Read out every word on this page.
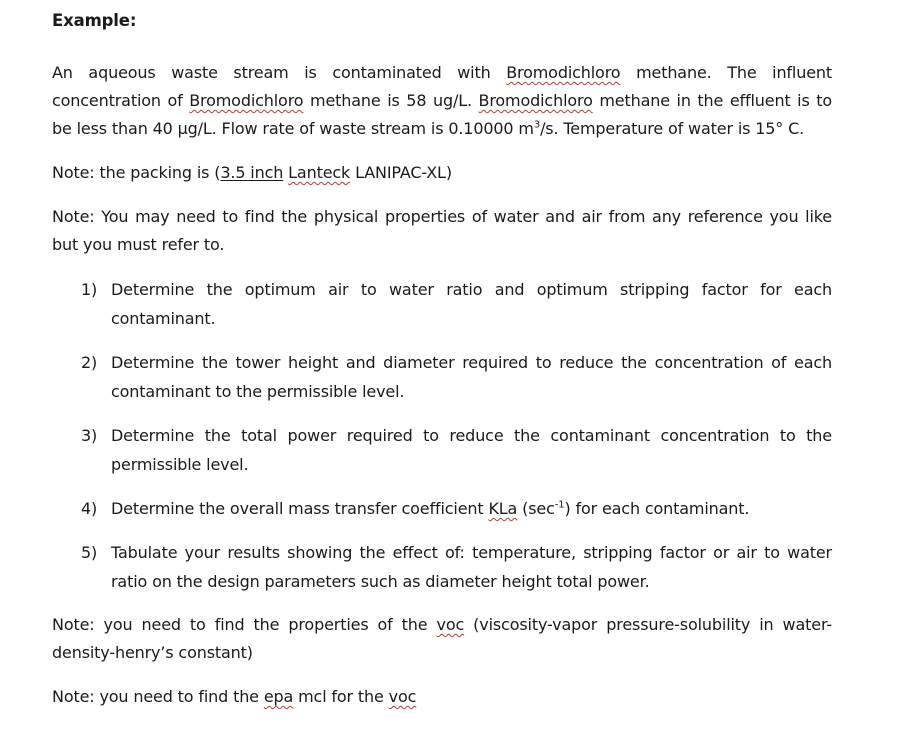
Example:

An aqueous waste stream is contaminated with Bromodichloro methane. The influent concentration of Bromodichloro methane is 58 ug/L. Bromodichloro methane in the effluent is to be less than 40 µg/L. Flow rate of waste stream is 0.10000 $m^3/s$. Temperature of water is 15° C.

Note: the packing is (3.5 inch Lanteck LANIPAC-XL)

Note: You may need to find the physical properties of water and air from any reference you like but you must refer to.

1) Determine the optimum air to water ratio and optimum stripping factor for each contaminant.
2) Determine the tower height and diameter required to reduce the concentration of each contaminant to the permissible level.
3) Determine the total power required to reduce the contaminant concentration to the permissible level.
4) Determine the overall mass transfer coefficient KLa $(\sec^{-1})$ for each contaminant.
5) Tabulate your results showing the effect of: temperature, stripping factor or air to water ratio on the design parameters such as diameter height total power.

Note: you need to find the properties of the voc (viscosity-vapor pressure-solubility in water-density-henry’s constant)

Note: you need to find the epa mcl for the voc
